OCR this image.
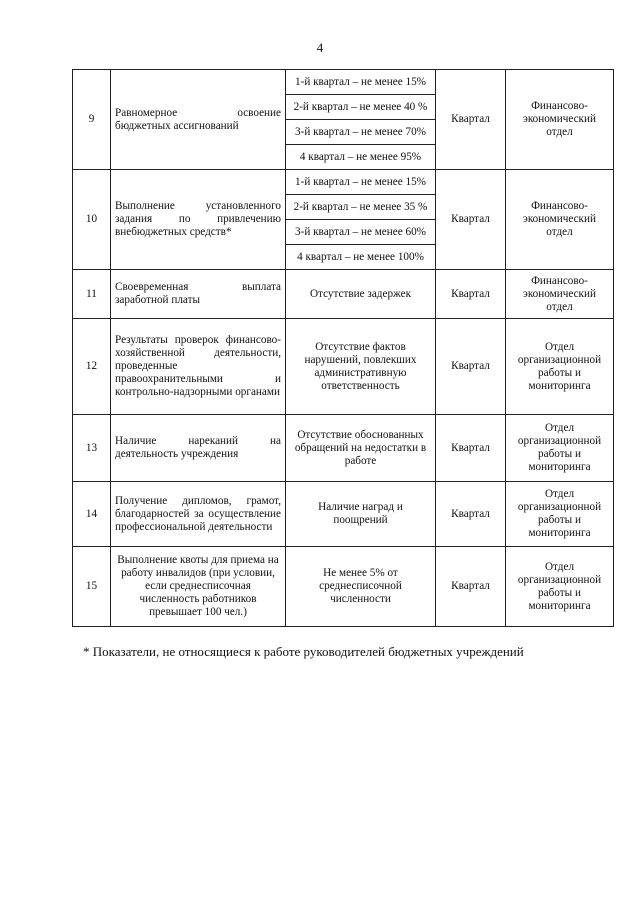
4
9	Равномерное освоение бюджетных ассигнований	1-й квартал – не менее 15%	Квартал	Финансово-экономический отдел
		2-й квартал – не менее 40 %		
		3-й квартал – не менее 70%		
		4 квартал – не менее 95%		
10	Выполнение установленного задания по привлечению внебюджетных средств*	1-й квартал – не менее 15%	Квартал	Финансово-экономический отдел
		2-й квартал – не менее 35 %		
		3-й квартал – не менее 60%		
		4 квартал – не менее 100%		
11	Своевременная выплата заработной платы	Отсутствие задержек	Квартал	Финансово-экономический отдел
12	Результаты проверок финансово-хозяйственной деятельности, проведенные правоохранительными и контрольно-надзорными органами	Отсутствие фактов нарушений, повлекших административную ответственность	Квартал	Отдел организационной работы и мониторинга
13	Наличие нареканий на деятельность учреждения	Отсутствие обоснованных обращений на недостатки в работе	Квартал	Отдел организационной работы и мониторинга
14	Получение дипломов, грамот, благодарностей за осуществление профессиональной деятельности	Наличие наград и поощрений	Квартал	Отдел организационной работы и мониторинга
15	Выполнение квоты для приема на работу инвалидов (при условии, если среднесписочная численность работников превышает 100 чел.)	Не менее 5% от среднесписочной численности	Квартал	Отдел организационной работы и мониторинга
* Показатели, не относящиеся к работе руководителей бюджетных учреждений
